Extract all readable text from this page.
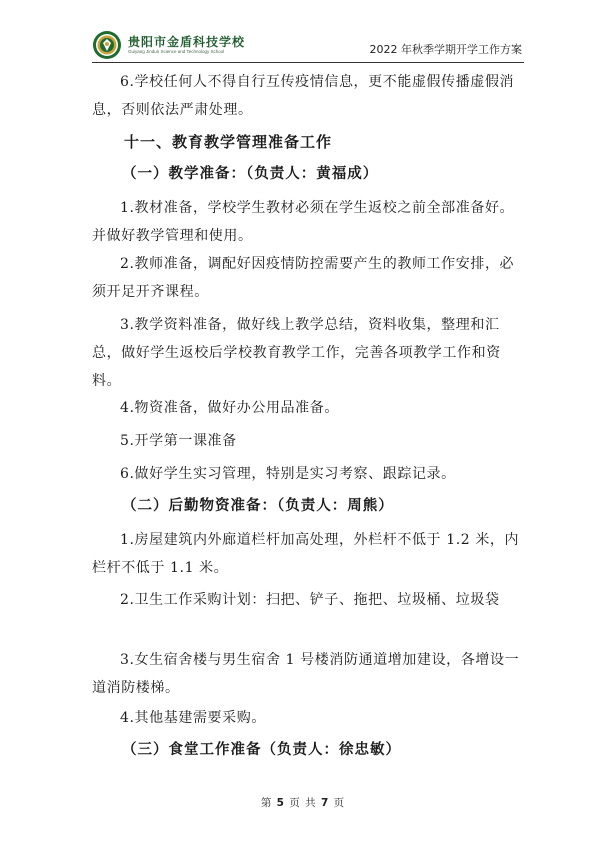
贵阳市金盾科技学校
Guiyang Jindun Science and Technology School	2022 年秋季学期开学工作方案

6.学校任何人不得自行互传疫情信息，更不能虚假传播虚假消息，否则依法严肃处理。

十一、教育教学管理准备工作
（一）教学准备：（负责人：黄福成）

1.教材准备，学校学生教材必须在学生返校之前全部准备好。并做好教学管理和使用。

2.教师准备，调配好因疫情防控需要产生的教师工作安排，必须开足开齐课程。

3.教学资料准备，做好线上教学总结，资料收集，整理和汇总，做好学生返校后学校教育教学工作，完善各项教学工作和资料。

4.物资准备，做好办公用品准备。

5.开学第一课准备

6.做好学生实习管理，特别是实习考察、跟踪记录。

（二）后勤物资准备：（负责人：周熊）

1.房屋建筑内外廊道栏杆加高处理，外栏杆不低于 1.2 米，内栏杆不低于 1.1 米。

2.卫生工作采购计划：扫把、铲子、拖把、垃圾桶、垃圾袋

3.女生宿舍楼与男生宿舍 1 号楼消防通道增加建设，各增设一道消防楼梯。

4.其他基建需要采购。

（三）食堂工作准备（负责人：徐忠敏）
第 5 页 共 7 页
